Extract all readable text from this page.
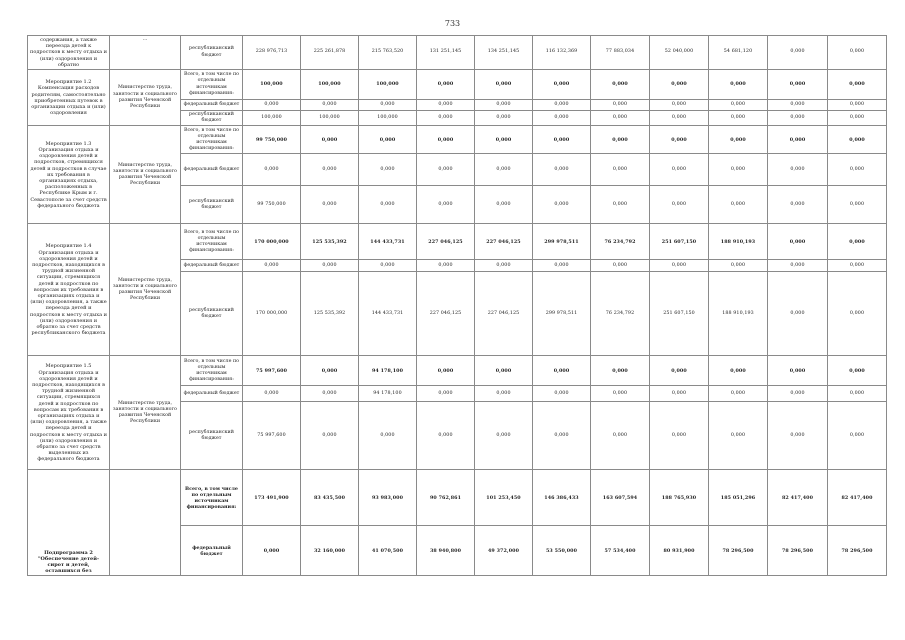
733
содержания, а также переезда детей к подростков к месту отдыха и (или) оздоровления и обратно	...	республиканский бюджет	228 976,713	225 261,878	215 763,520	131 251,145	134 251,145	116 132,369	77 883,034	52 040,000	54 681,120	0,000	0,000
Мероприятие 1.2 Компенсация расходов родителям, самостоятельно приобретенных путевок в организации отдыха и (или) оздоровления	Министерство труда, занятости и социального развития Чеченской Республики	Всего, в том числе по отдельным источникам финансирования:	100,000	100,000	100,000	0,000	0,000	0,000	0,000	0,000	0,000	0,000	0,000
		федеральный бюджет	0,000	0,000	0,000	0,000	0,000	0,000	0,000	0,000	0,000	0,000	0,000
		республиканский бюджет	100,000	100,000	100,000	0,000	0,000	0,000	0,000	0,000	0,000	0,000	0,000
Мероприятие 1.3 Организация отдыха и оздоровления детей и подростков, стремящихся детей и подростков в случае их требования в организациях отдыха, расположенных в Республике Крым и г. Севастополе за счет средств федерального бюджета	Министерство труда, занятости и социального развития Чеченской Республики	Всего, в том числе по отдельным источникам финансирования:	99 750,000	0,000	0,000	0,000	0,000	0,000	0,000	0,000	0,000	0,000	0,000
		федеральный бюджет	0,000	0,000	0,000	0,000	0,000	0,000	0,000	0,000	0,000	0,000	0,000
		республиканский бюджет	99 750,000	0,000	0,000	0,000	0,000	0,000	0,000	0,000	0,000	0,000	0,000
Мероприятие 1.4 Организация отдыха и оздоровления детей и подростков, находящихся в трудной жизненной ситуации, стремящихся детей и подростков по вопросам их требования в организациях отдыха и (или) оздоровления, а также переезда детей и подростков к месту отдыха и (или) оздоровления и обратно за счет средств республиканского бюджета	Министерство труда, занятости и социального развития Чеченской Республики	Всего, в том числе по отдельным источникам финансирования:	170 000,000	125 535,392	144 433,731	227 046,125	227 046,125	299 978,511	76 234,792	251 607,150	188 910,193	0,000	0,000
		федеральный бюджет	0,000	0,000	0,000	0,000	0,000	0,000	0,000	0,000	0,000	0,000	0,000
		республиканский бюджет	170 000,000	125 535,392	144 433,731	227 046,125	227 046,125	299 978,511	76 234,792	251 607,150	188 910,193	0,000	0,000
Мероприятие 1.5 Организация отдыха и оздоровления детей и подростков, находящихся в трудной жизненной ситуации, стремящихся детей и подростков по вопросам их требования в организациях отдыха и (или) оздоровления, а также переезда детей и подростков к месту отдыха и (или) оздоровления и обратно за счет средств выделенных из федерального бюджета	Министерство труда, занятости и социального развития Чеченской Республики	Всего, в том числе по отдельным источникам финансирования:	75 997,600	0,000	94 178,100	0,000	0,000	0,000	0,000	0,000	0,000	0,000	0,000
		федеральный бюджет	0,000	0,000	94 178,100	0,000	0,000	0,000	0,000	0,000	0,000	0,000	0,000
		республиканский бюджет	75 997,600	0,000	0,000	0,000	0,000	0,000	0,000	0,000	0,000	0,000	0,000
Подпрограмма 2 "Обеспечение детей-сирот и детей, оставшихся без		Всего, в том числе по отдельным источникам финансирования:	173 491,900	83 435,500	93 983,000	90 762,861	101 253,450	146 386,433	163 607,594	188 765,930	185 051,296	82 417,400	82 417,400
		федеральный бюджет	0,000	32 160,000	41 070,500	38 940,800	49 372,000	53 550,000	57 534,400	80 931,900	78 296,500	78 296,500	78 296,500
